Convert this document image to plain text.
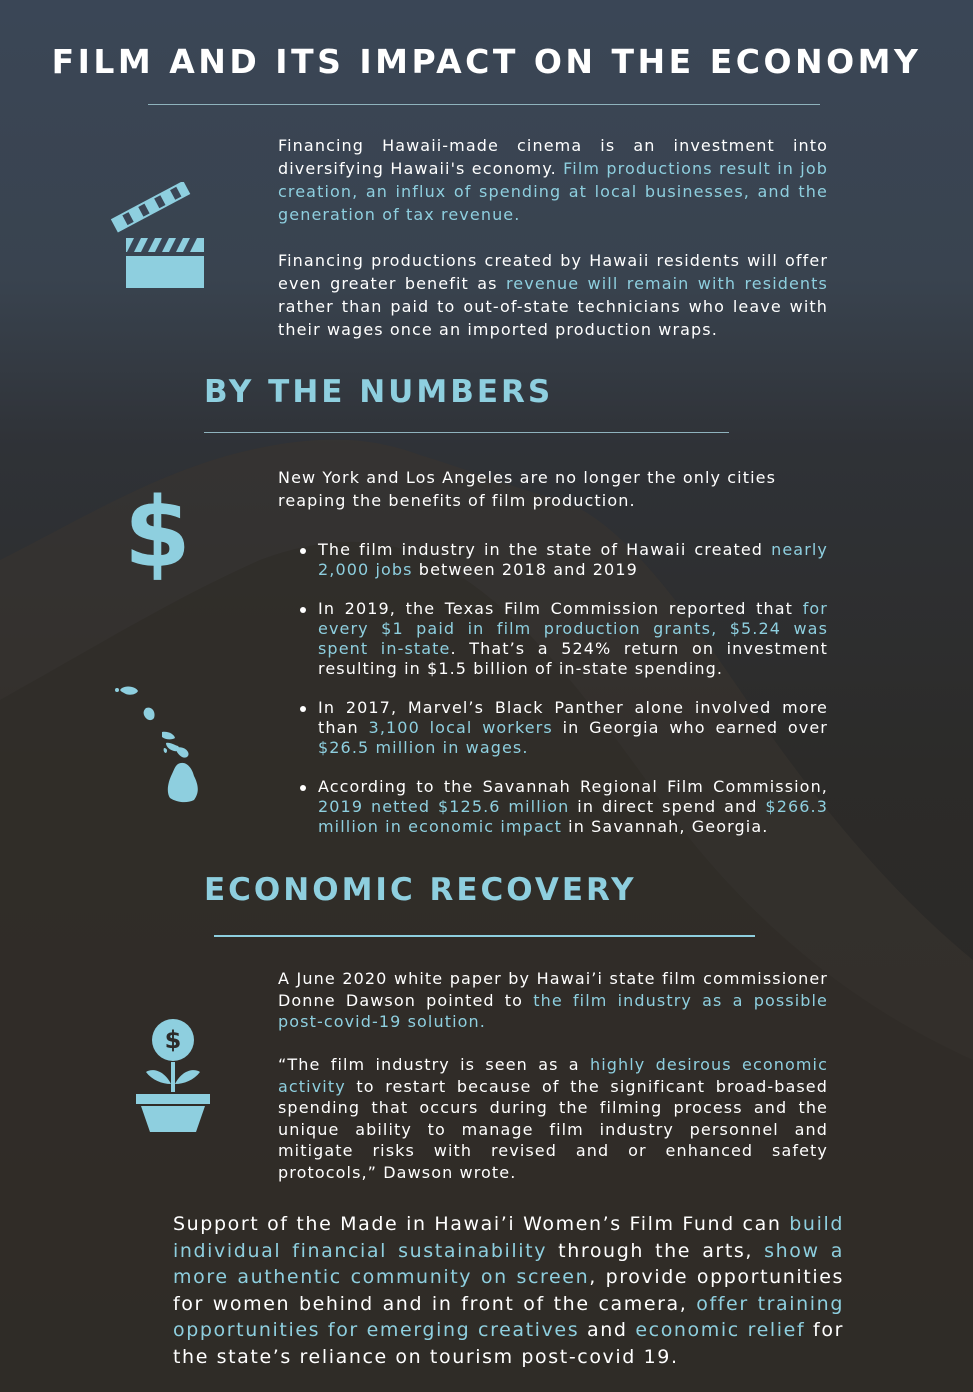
FILM AND ITS IMPACT ON THE ECONOMY
Financing Hawaii-made cinema is an investment into diversifying Hawaii's economy. Film productions result in job creation, an influx of spending at local businesses, and the generation of tax revenue.
Financing productions created by Hawaii residents will offer even greater benefit as revenue will remain with residents rather than paid to out-of-state technicians who leave with their wages once an imported production wraps.
BY THE NUMBERS
$	New York and Los Angeles are no longer the only cities reaping the benefits of film production.
The film industry in the state of Hawaii created nearly 2,000 jobs between 2018 and 2019
In 2019, the Texas Film Commission reported that for every $1 paid in film production grants, $5.24 was spent in-state. That’s a 524% return on investment resulting in $1.5 billion of in-state spending.
In 2017, Marvel’s Black Panther alone involved more than 3,100 local workers in Georgia who earned over $26.5 million in wages.
According to the Savannah Regional Film Commission, 2019 netted $125.6 million in direct spend and $266.3 million in economic impact in Savannah, Georgia.
ECONOMIC RECOVERY
$
A June 2020 white paper by Hawai’i state film commissioner Donne Dawson pointed to the film industry as a possible post-covid-19 solution.
“The film industry is seen as a highly desirous economic activity to restart because of the significant broad-based spending that occurs during the filming process and the unique ability to manage film industry personnel and mitigate risks with revised and or enhanced safety protocols,” Dawson wrote.
Support of the Made in Hawai’i Women’s Film Fund can build individual financial sustainability through the arts, show a more authentic community on screen, provide opportunities for women behind and in front of the camera, offer training opportunities for emerging creatives and economic relief for the state’s reliance on tourism post-covid 19.
